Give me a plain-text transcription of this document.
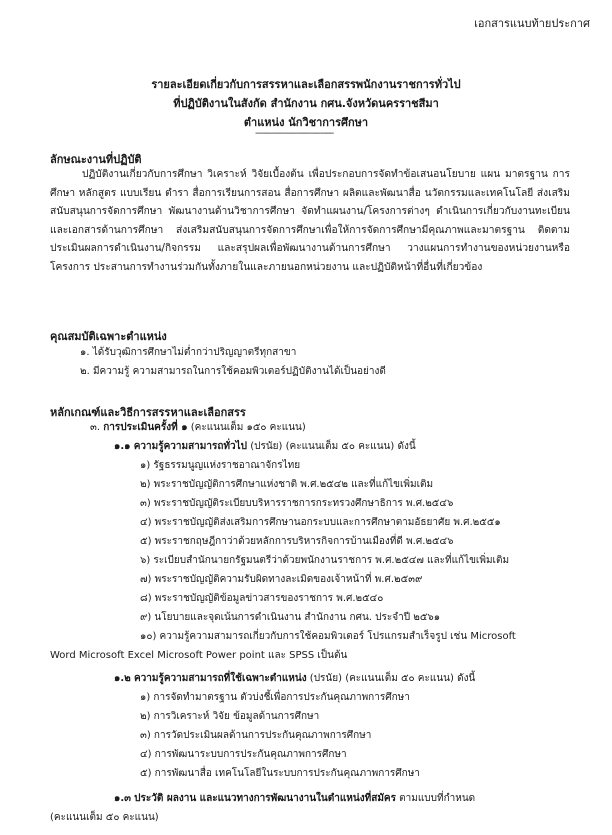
เอกสารแนบท้ายประกาศ
รายละเอียดเกี่ยวกับการสรรหาและเลือกสรรพนักงานราชการทั่วไป
ที่ปฏิบัติงานในสังกัด สำนักงาน กศน.จังหวัดนครราชสีมา
ตำแหน่ง นักวิชาการศึกษา
------------------------------
ลักษณะงานที่ปฏิบัติ
ปฏิบัติงานเกี่ยวกับการศึกษา วิเคราะห์ วิจัยเบื้องต้น เพื่อประกอบการจัดทำข้อเสนอนโยบาย แผน มาตรฐาน การศึกษา หลักสูตร แบบเรียน ตำรา สื่อการเรียนการสอน สื่อการศึกษา ผลิตและพัฒนาสื่อ นวัตกรรมและเทคโนโลยี ส่งเสริมสนับสนุนการจัดการศึกษา พัฒนางานด้านวิชาการศึกษา จัดทำแผนงาน/โครงการต่างๆ ดำเนินการเกี่ยวกับงานทะเบียนและเอกสารด้านการศึกษา ส่งเสริมสนับสนุนการจัดการศึกษาเพื่อให้การจัดการศึกษามีคุณภาพและมาตรฐาน ติดตาม ประเมินผลการดำเนินงาน/กิจกรรม และสรุปผลเพื่อพัฒนางานด้านการศึกษา วางแผนการทำงานของหน่วยงานหรือโครงการ ประสานการทำงานร่วมกันทั้งภายในและภายนอกหน่วยงาน และปฏิบัติหน้าที่อื่นที่เกี่ยวข้อง
คุณสมบัติเฉพาะตำแหน่ง
๑. ได้รับวุฒิการศึกษาไม่ต่ำกว่าปริญญาตรีทุกสาขา
๒. มีความรู้ ความสามารถในการใช้คอมพิวเตอร์ปฏิบัติงานได้เป็นอย่างดี
หลักเกณฑ์และวิธีการสรรหาและเลือกสรร
๓. การประเมินครั้งที่ ๑ (คะแนนเต็ม ๑๕๐ คะแนน)
๑.๑ ความรู้ความสามารถทั่วไป (ปรนัย) (คะแนนเต็ม ๕๐ คะแนน) ดังนี้
๑) รัฐธรรมนูญแห่งราชอาณาจักรไทย
๒) พระราชบัญญัติการศึกษาแห่งชาติ พ.ศ.๒๕๔๒ และที่แก้ไขเพิ่มเติม
๓) พระราชบัญญัติระเบียบบริหารราชการกระทรวงศึกษาธิการ พ.ศ.๒๕๔๖
๔) พระราชบัญญัติส่งเสริมการศึกษานอกระบบและการศึกษาตามอัธยาศัย พ.ศ.๒๕๕๑
๕) พระราชกฤษฎีกาว่าด้วยหลักการบริหารกิจการบ้านเมืองที่ดี พ.ศ.๒๕๔๖
๖) ระเบียบสำนักนายกรัฐมนตรีว่าด้วยพนักงานราชการ พ.ศ.๒๕๔๗ และที่แก้ไขเพิ่มเติม
๗) พระราชบัญญัติความรับผิดทางละเมิดของเจ้าหน้าที่ พ.ศ.๒๕๓๙
๘) พระราชบัญญัติข้อมูลข่าวสารของราชการ พ.ศ.๒๕๔๐
๙) นโยบายและจุดเน้นการดำเนินงาน สำนักงาน กศน. ประจำปี ๒๕๖๑
๑๐) ความรู้ความสามารถเกี่ยวกับการใช้คอมพิวเตอร์ โปรแกรมสำเร็จรูป เช่น Microsoft
Word Microsoft Excel Microsoft Power point และ SPSS เป็นต้น
๑.๒ ความรู้ความสามารถที่ใช้เฉพาะตำแหน่ง (ปรนัย) (คะแนนเต็ม ๕๐ คะแนน) ดังนี้
๑) การจัดทำมาตรฐาน ตัวบ่งชี้เพื่อการประกันคุณภาพการศึกษา
๒) การวิเคราะห์ วิจัย ข้อมูลด้านการศึกษา
๓) การวัดประเมินผลด้านการประกันคุณภาพการศึกษา
๔) การพัฒนาระบบการประกันคุณภาพการศึกษา
๕) การพัฒนาสื่อ เทคโนโลยีในระบบการประกันคุณภาพการศึกษา
๑.๓ ประวัติ ผลงาน และแนวทางการพัฒนางานในตำแหน่งที่สมัคร ตามแบบที่กำหนด
(คะแนนเต็ม ๕๐ คะแนน)
